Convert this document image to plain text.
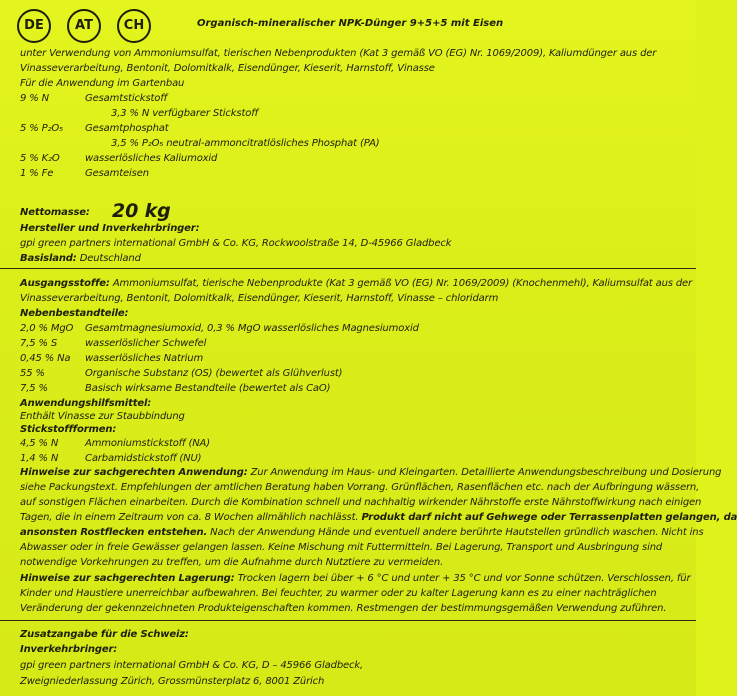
DE	AT	CH	Organisch-mineralischer NPK-Dünger 9+5+5 mit Eisen
unter Verwendung von Ammoniumsulfat, tierischen Nebenprodukten (Kat 3 gemäß VO (EG) Nr. 1069/2009), Kaliumdünger aus der
Vinasseverarbeitung, Bentonit, Dolomitkalk, Eisendünger, Kieserit, Harnstoff, Vinasse
Für die Anwendung im Gartenbau
9 % N	Gesamtstickstoff
3,3 % N verfügbarer Stickstoff
5 % P₂O₅ Gesamtphosphat
3,5 % P₂O₅ neutral-ammoncitratlösliches Phosphat (PA)
5 % K₂O	wasserlösliches Kaliumoxid
1 % Fe	Gesamteisen
Nettomasse: 20 kg
Hersteller und Inverkehrbringer:
gpi green partners international GmbH & Co. KG, Rockwoolstraße 14, D-45966 Gladbeck
Basisland: Deutschland
Ausgangsstoffe: Ammoniumsulfat, tierische Nebenprodukte (Kat 3 gemäß VO (EG) Nr. 1069/2009) (Knochenmehl), Kaliumsulfat aus der
Vinasseverarbeitung, Bentonit, Dolomitkalk, Eisendünger, Kieserit, Harnstoff, Vinasse – chloridarm
Nebenbestandteile:
2,0 % MgO Gesamtmagnesiumoxid, 0,3 % MgO wasserlösliches Magnesiumoxid
7,5 % S	wasserlöslicher Schwefel
0,45 % Na wasserlösliches Natrium
55 %	Organische Substanz (OS) (bewertet als Glühverlust)
7,5 %	Basisch wirksame Bestandteile (bewertet als CaO)
Anwendungshilfsmittel:
Enthält Vinasse zur Staubbindung
Stickstoffformen:
4,5 % N	Ammoniumstickstoff (NA)
1,4 % N	Carbamidstickstoff (NU)
Hinweise zur sachgerechten Anwendung: Zur Anwendung im Haus- und Kleingarten. Detaillierte Anwendungsbeschreibung und Dosierung
siehe Packungstext. Empfehlungen der amtlichen Beratung haben Vorrang. Grünflächen, Rasenflächen etc. nach der Aufbringung wässern,
auf sonstigen Flächen einarbeiten. Durch die Kombination schnell und nachhaltig wirkender Nährstoffe erste Nährstoffwirkung nach einigen
Tagen, die in einem Zeitraum von ca. 8 Wochen allmählich nachlässt. Produkt darf nicht auf Gehwege oder Terrassenplatten gelangen, da
ansonsten Rostflecken entstehen. Nach der Anwendung Hände und eventuell andere berührte Hautstellen gründlich waschen. Nicht ins
Abwasser oder in freie Gewässer gelangen lassen. Keine Mischung mit Futtermitteln. Bei Lagerung, Transport und Ausbringung sind
notwendige Vorkehrungen zu treffen, um die Aufnahme durch Nutztiere zu vermeiden.
Hinweise zur sachgerechten Lagerung: Trocken lagern bei über + 6 °C und unter + 35 °C und vor Sonne schützen. Verschlossen, für
Kinder und Haustiere unerreichbar aufbewahren. Bei feuchter, zu warmer oder zu kalter Lagerung kann es zu einer nachträglichen
Veränderung der gekennzeichneten Produkteigenschaften kommen. Restmengen der bestimmungsgemäßen Verwendung zuführen.
Zusatzangabe für die Schweiz:
Inverkehrbringer:
gpi green partners international GmbH & Co. KG, D – 45966 Gladbeck,
Zweigniederlassung Zürich, Grossmünsterplatz 6, 8001 Zürich
